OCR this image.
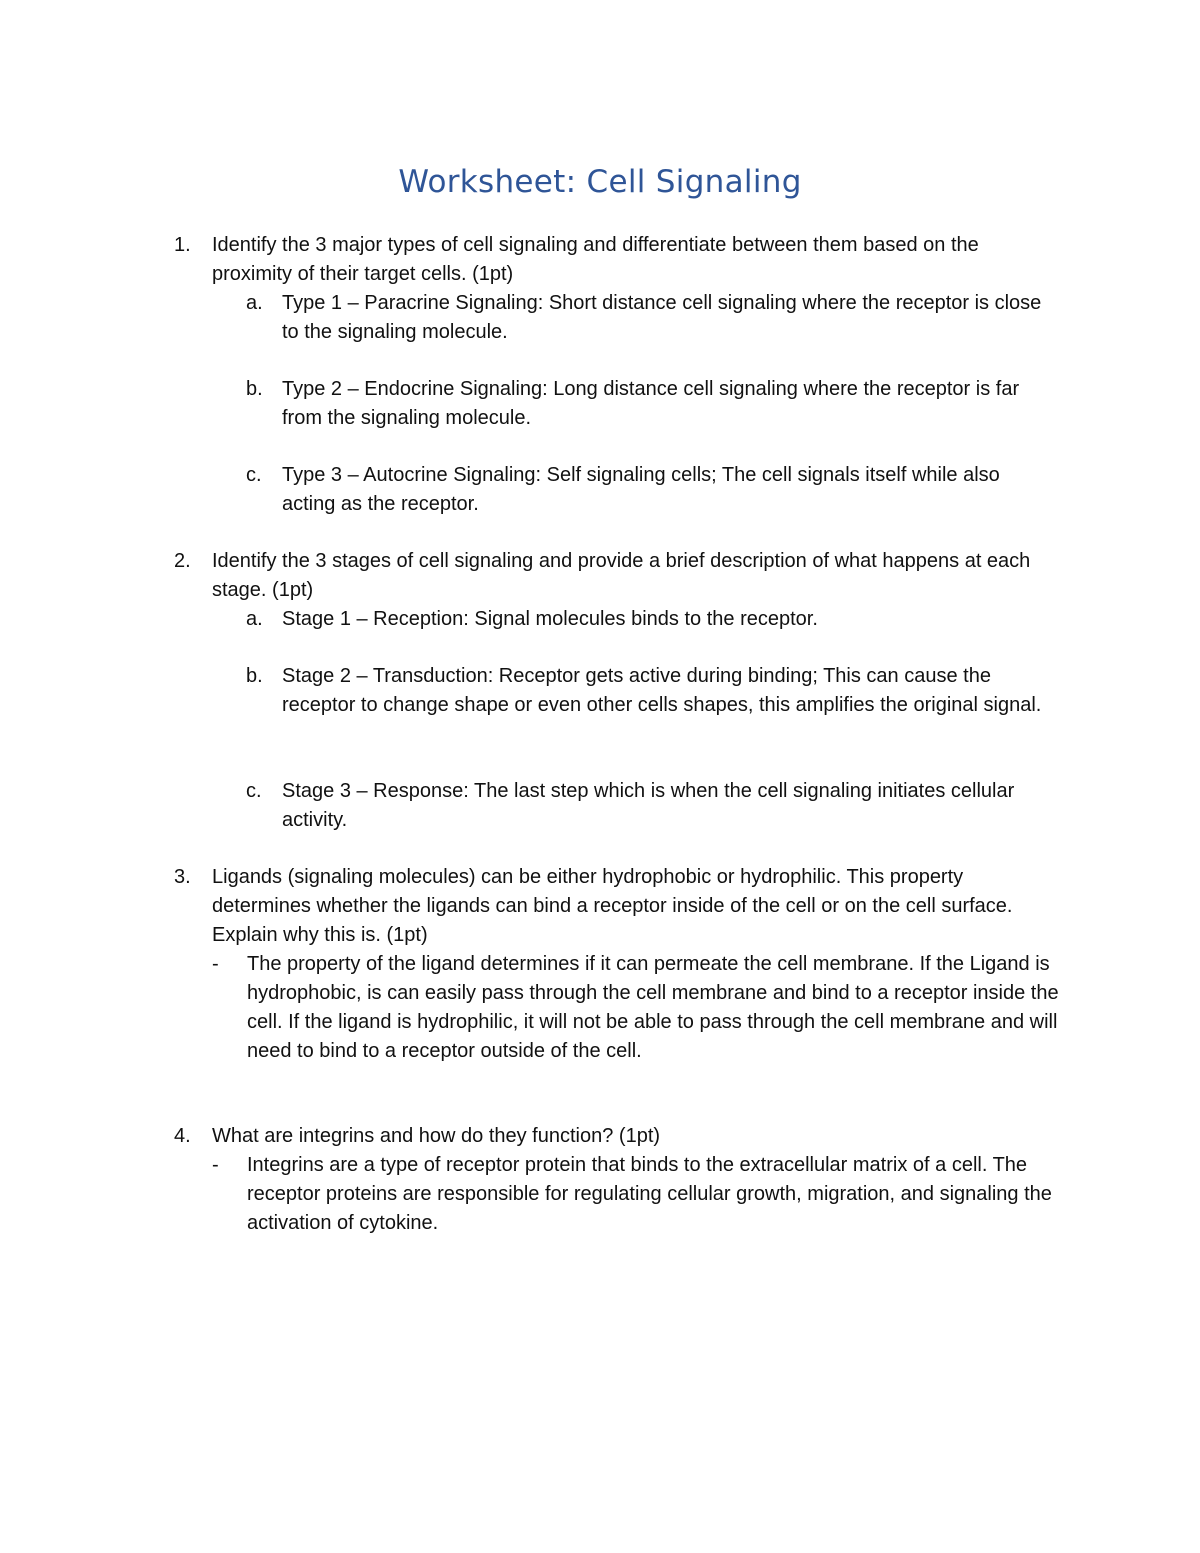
Worksheet: Cell Signaling
1. Identify the 3 major types of cell signaling and differentiate between them based on the proximity of their target cells. (1pt)
a. Type 1 – Paracrine Signaling: Short distance cell signaling where the receptor is close to the signaling molecule.
b. Type 2 – Endocrine Signaling: Long distance cell signaling where the receptor is far from the signaling molecule.
c. Type 3 – Autocrine Signaling: Self signaling cells; The cell signals itself while also acting as the receptor.
2. Identify the 3 stages of cell signaling and provide a brief description of what happens at each stage. (1pt)
a. Stage 1 – Reception: Signal molecules binds to the receptor.
b. Stage 2 – Transduction: Receptor gets active during binding; This can cause the receptor to change shape or even other cells shapes, this amplifies the original signal.
c. Stage 3 – Response: The last step which is when the cell signaling initiates cellular activity.
3. Ligands (signaling molecules) can be either hydrophobic or hydrophilic. This property determines whether the ligands can bind a receptor inside of the cell or on the cell surface. Explain why this is. (1pt)
- The property of the ligand determines if it can permeate the cell membrane. If the Ligand is hydrophobic, is can easily pass through the cell membrane and bind to a receptor inside the cell. If the ligand is hydrophilic, it will not be able to pass through the cell membrane and will need to bind to a receptor outside of the cell.
4. What are integrins and how do they function? (1pt)
- Integrins are a type of receptor protein that binds to the extracellular matrix of a cell. The receptor proteins are responsible for regulating cellular growth, migration, and signaling the activation of cytokine.
